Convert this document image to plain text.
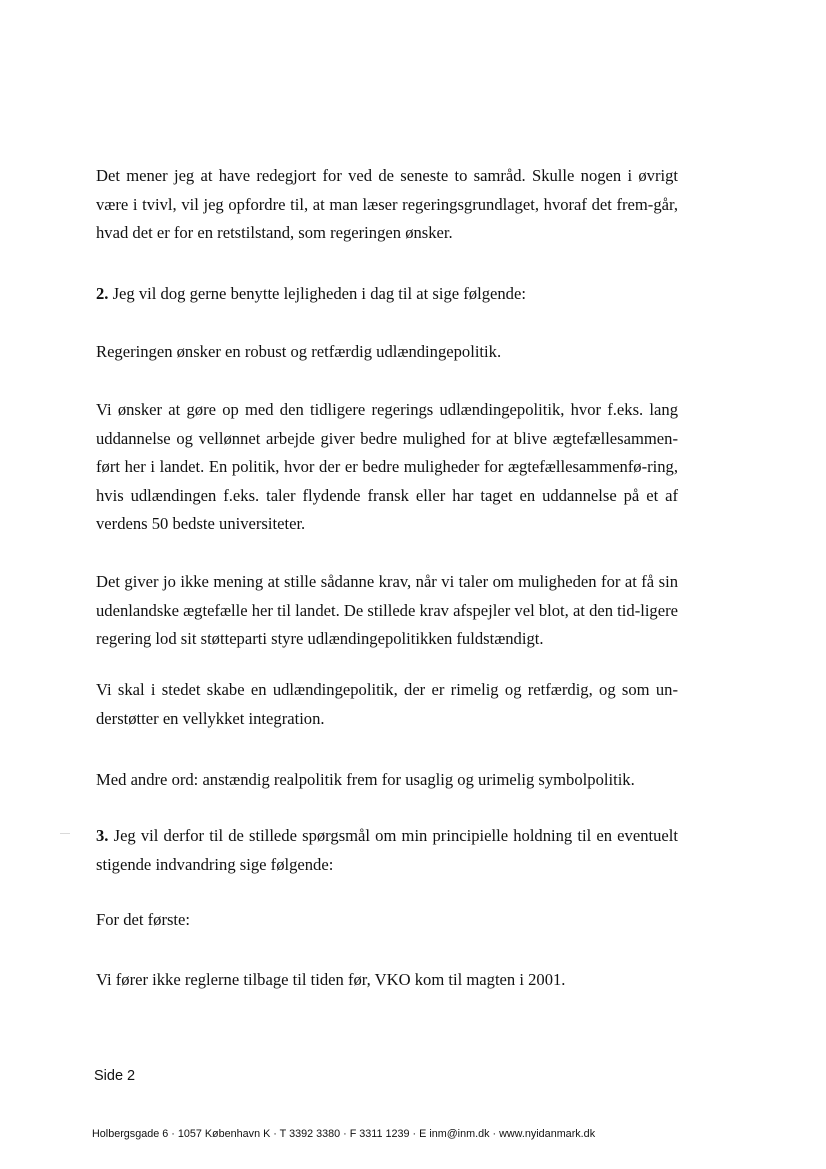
Det mener jeg at have redegjort for ved de seneste to samråd. Skulle nogen i øvrigt være i tvivl, vil jeg opfordre til, at man læser regeringsgrundlaget, hvoraf det frem-går, hvad det er for en retstilstand, som regeringen ønsker.

2. Jeg vil dog gerne benytte lejligheden i dag til at sige følgende:

Regeringen ønsker en robust og retfærdig udlændingepolitik.

Vi ønsker at gøre op med den tidligere regerings udlændingepolitik, hvor f.eks. lang uddannelse og vellønnet arbejde giver bedre mulighed for at blive ægtefællesammen-ført her i landet. En politik, hvor der er bedre muligheder for ægtefællesammenfø-ring, hvis udlændingen f.eks. taler flydende fransk eller har taget en uddannelse på et af verdens 50 bedste universiteter.

Det giver jo ikke mening at stille sådanne krav, når vi taler om muligheden for at få sin udenlandske ægtefælle her til landet. De stillede krav afspejler vel blot, at den tid-ligere regering lod sit støtteparti styre udlændingepolitikken fuldstændigt.

Vi skal i stedet skabe en udlændingepolitik, der er rimelig og retfærdig, og som un-derstøtter en vellykket integration.

Med andre ord: anstændig realpolitik frem for usaglig og urimelig symbolpolitik.

3. Jeg vil derfor til de stillede spørgsmål om min principielle holdning til en eventuelt stigende indvandring sige følgende:

For det første:

Vi fører ikke reglerne tilbage til tiden før, VKO kom til magten i 2001.

Side 2
Holbergsgade 6 · 1057 København K · T 3392 3380 · F 3311 1239 · E inm@inm.dk · www.nyidanmark.dk
